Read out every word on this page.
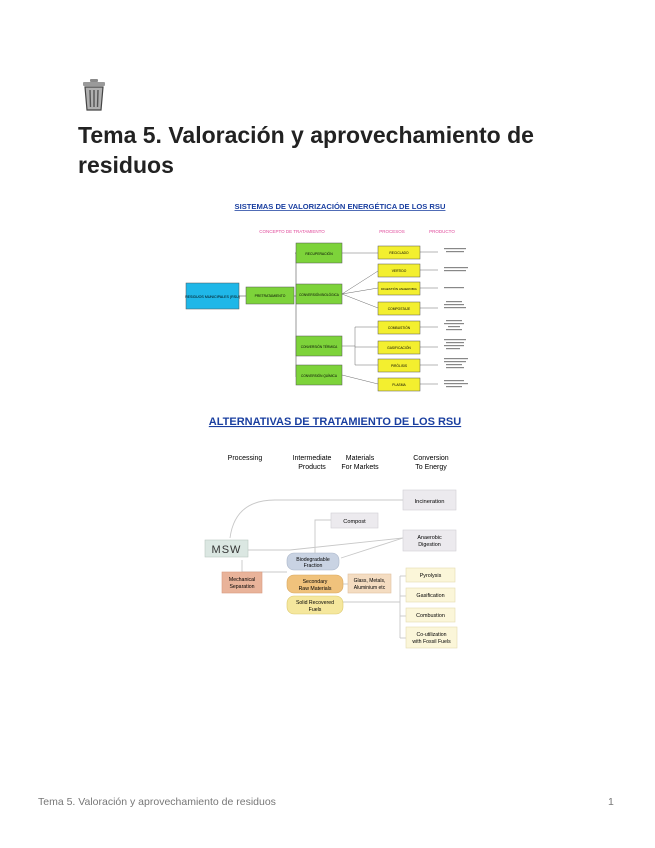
Tema 5. Valoración y aprovechamiento de residuos
SISTEMAS DE VALORIZACIÓN ENERGÉTICA DE LOS RSU
CONCEPTO DE TRATAMIENTO	PROCESOS	PRODUCTO
RESIDUOS MUNICIPALES (RSU)	PRETRATAMIENTO
RECUPERACIÓN
CONVERSIÓN BIOLÓGICA
CONVERSIÓN TÉRMICA
CONVERSIÓN QUÍMICA
RECICLADO
VERTIDO
DIGESTIÓN ANAEROBIA
COMPOSTAJE
COMBUSTIÓN
GASIFICACIÓN
PIRÓLISIS
PLASMA
ALTERNATIVAS DE TRATAMIENTO DE LOS RSU
Processing	Intermediate
Products
Materials
For Markets
Conversion
To Energy
MSW
Mechanical
Separation
Biodegradable
Fraction
Secondary
Raw Materials
Solid Recovered
Fuels
Glass, Metals,
Aluminium etc
Compost
Incineration
Anaerobic
Digestion
Pyrolysis
Gasification
Combustion
Co-utilization
with Fossil Fuels
Tema 5. Valoración y aprovechamiento de residuos	1
